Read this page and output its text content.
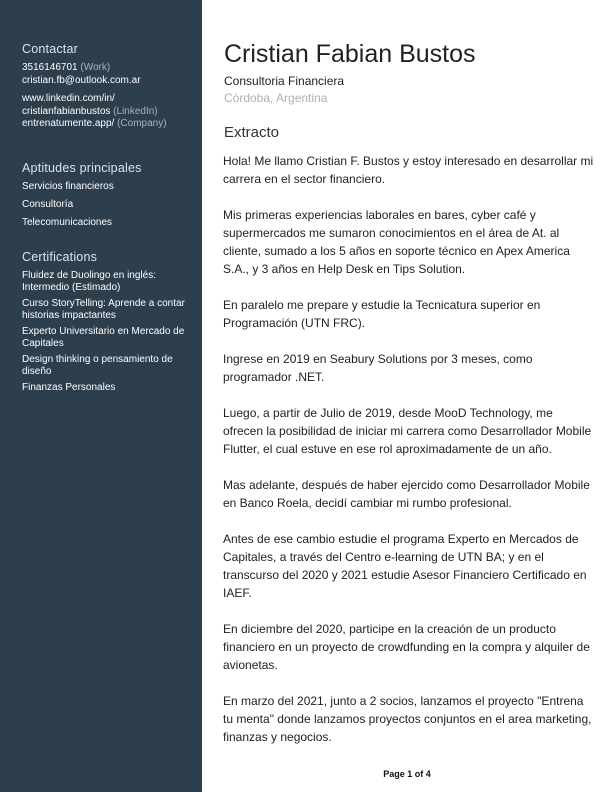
Contactar
3516146701 (Work)
cristian.fb@outlook.com.ar
www.linkedin.com/in/
cristianfabianbustos (LinkedIn)
entrenatumente.app/ (Company)
Aptitudes principales
Servicios financieros
Consultoría
Telecomunicaciones
Certifications
Fluidez de Duolingo en inglés: Intermedio (Estimado)
Curso StoryTelling: Aprende a contar historias impactantes
Experto Universitario en Mercado de Capitales
Design thinking o pensamiento de diseño
Finanzas Personales
Cristian Fabian Bustos
Consultoria Financiera
Córdoba, Argentina
Extracto

Hola! Me llamo Cristian F. Bustos y estoy interesado en desarrollar mi carrera en el sector financiero.

Mis primeras experiencias laborales en bares, cyber café y supermercados me sumaron conocimientos en el área de At. al cliente, sumado a los 5 años en soporte técnico en Apex America S.A., y 3 años en Help Desk en Tips Solution.

En paralelo me prepare y estudie la Tecnicatura superior en Programación (UTN FRC).

Ingrese en 2019 en Seabury Solutions por 3 meses, como programador .NET.

Luego, a partir de Julio de 2019, desde MooD Technology, me ofrecen la posibilidad de iniciar mi carrera como Desarrollador Mobile Flutter, el cual estuve en ese rol aproximadamente de un año.

Mas adelante, después de haber ejercido como Desarrollador Mobile en Banco Roela, decidí cambiar mi rumbo profesional.

Antes de ese cambio estudie el programa Experto en Mercados de Capitales, a través del Centro e-learning de UTN BA; y en el transcurso del 2020 y 2021 estudie Asesor Financiero Certificado en IAEF.

En diciembre del 2020, participe en la creación de un producto financiero en un proyecto de crowdfunding en la compra y alquiler de avionetas.

En marzo del 2021, junto a 2 socios, lanzamos el proyecto "Entrena tu menta" donde lanzamos proyectos conjuntos en el area marketing, finanzas y negocios.

Page 1 of 4
